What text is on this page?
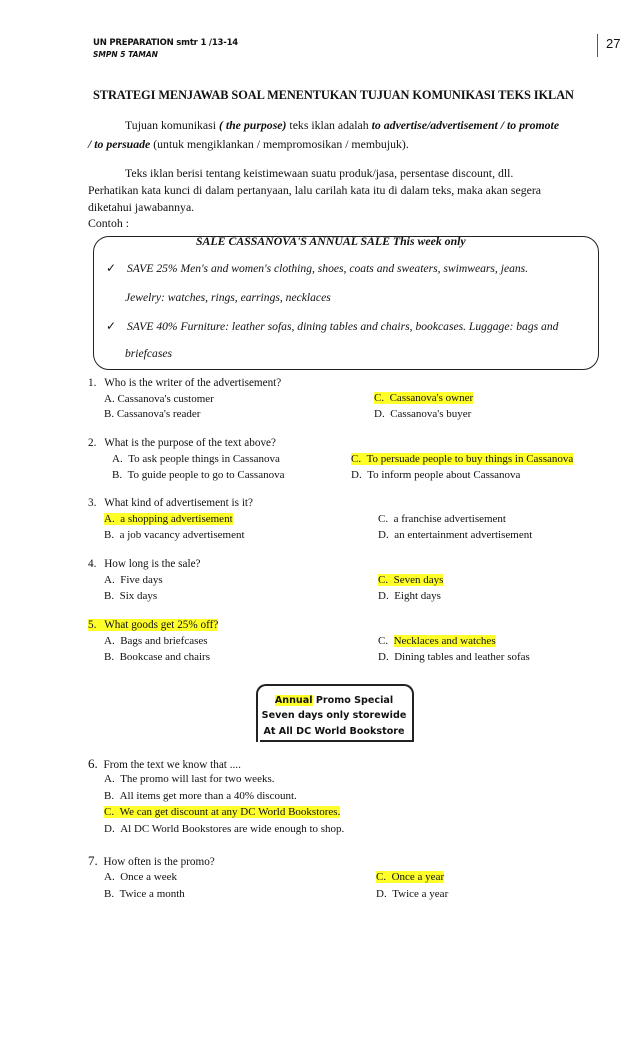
UN PREPARATION smtr 1 /13-14
SMPN 5 TAMAN
27
STRATEGI MENJAWAB SOAL MENENTUKAN TUJUAN KOMUNIKASI TEKS IKLAN
Tujuan komunikasi ( the purpose) teks iklan adalah to advertise/advertisement / to promote
/ to persuade (untuk mengiklankan / mempromosikan / membujuk).
Teks iklan berisi tentang keistimewaan suatu produk/jasa, persentase discount, dll.
Perhatikan kata kunci di dalam pertanyaan, lalu carilah kata itu di dalam teks, maka akan segera
diketahui jawabannya.
Contoh :
SALE CASSANOVA'S ANNUAL SALE This week only
✓ SAVE 25% Men's and women's clothing, shoes, coats and sweaters, swimwears, jeans.
Jewelry: watches, rings, earrings, necklaces
✓ SAVE 40% Furniture: leather sofas, dining tables and chairs, bookcases. Luggage: bags and
briefcases
1. Who is the writer of the advertisement?
A. Cassanova's customer
B. Cassanova's reader
C. Cassanova's owner
D. Cassanova's buyer
2. What is the purpose of the text above?
A. To ask people things in Cassanova
B. To guide people to go to Cassanova
C. To persuade people to buy things in Cassanova
D. To inform people about Cassanova
3. What kind of advertisement is it?
A. a shopping advertisement
B. a job vacancy advertisement
C. a franchise advertisement
D. an entertainment advertisement
4. How long is the sale?
A. Five days
B. Six days
C. Seven days
D. Eight days
5. What goods get 25% off?
A. Bags and briefcases
B. Bookcase and chairs
C. Necklaces and watches
D. Dining tables and leather sofas
Annual Promo Special
Seven days only storewide
At All DC World Bookstore
6. From the text we know that ....
A. The promo will last for two weeks.
B. All items get more than a 40% discount.
C. We can get discount at any DC World Bookstores.
D. Al DC World Bookstores are wide enough to shop.
7. How often is the promo?
A. Once a week
B. Twice a month
C. Once a year
D. Twice a year
